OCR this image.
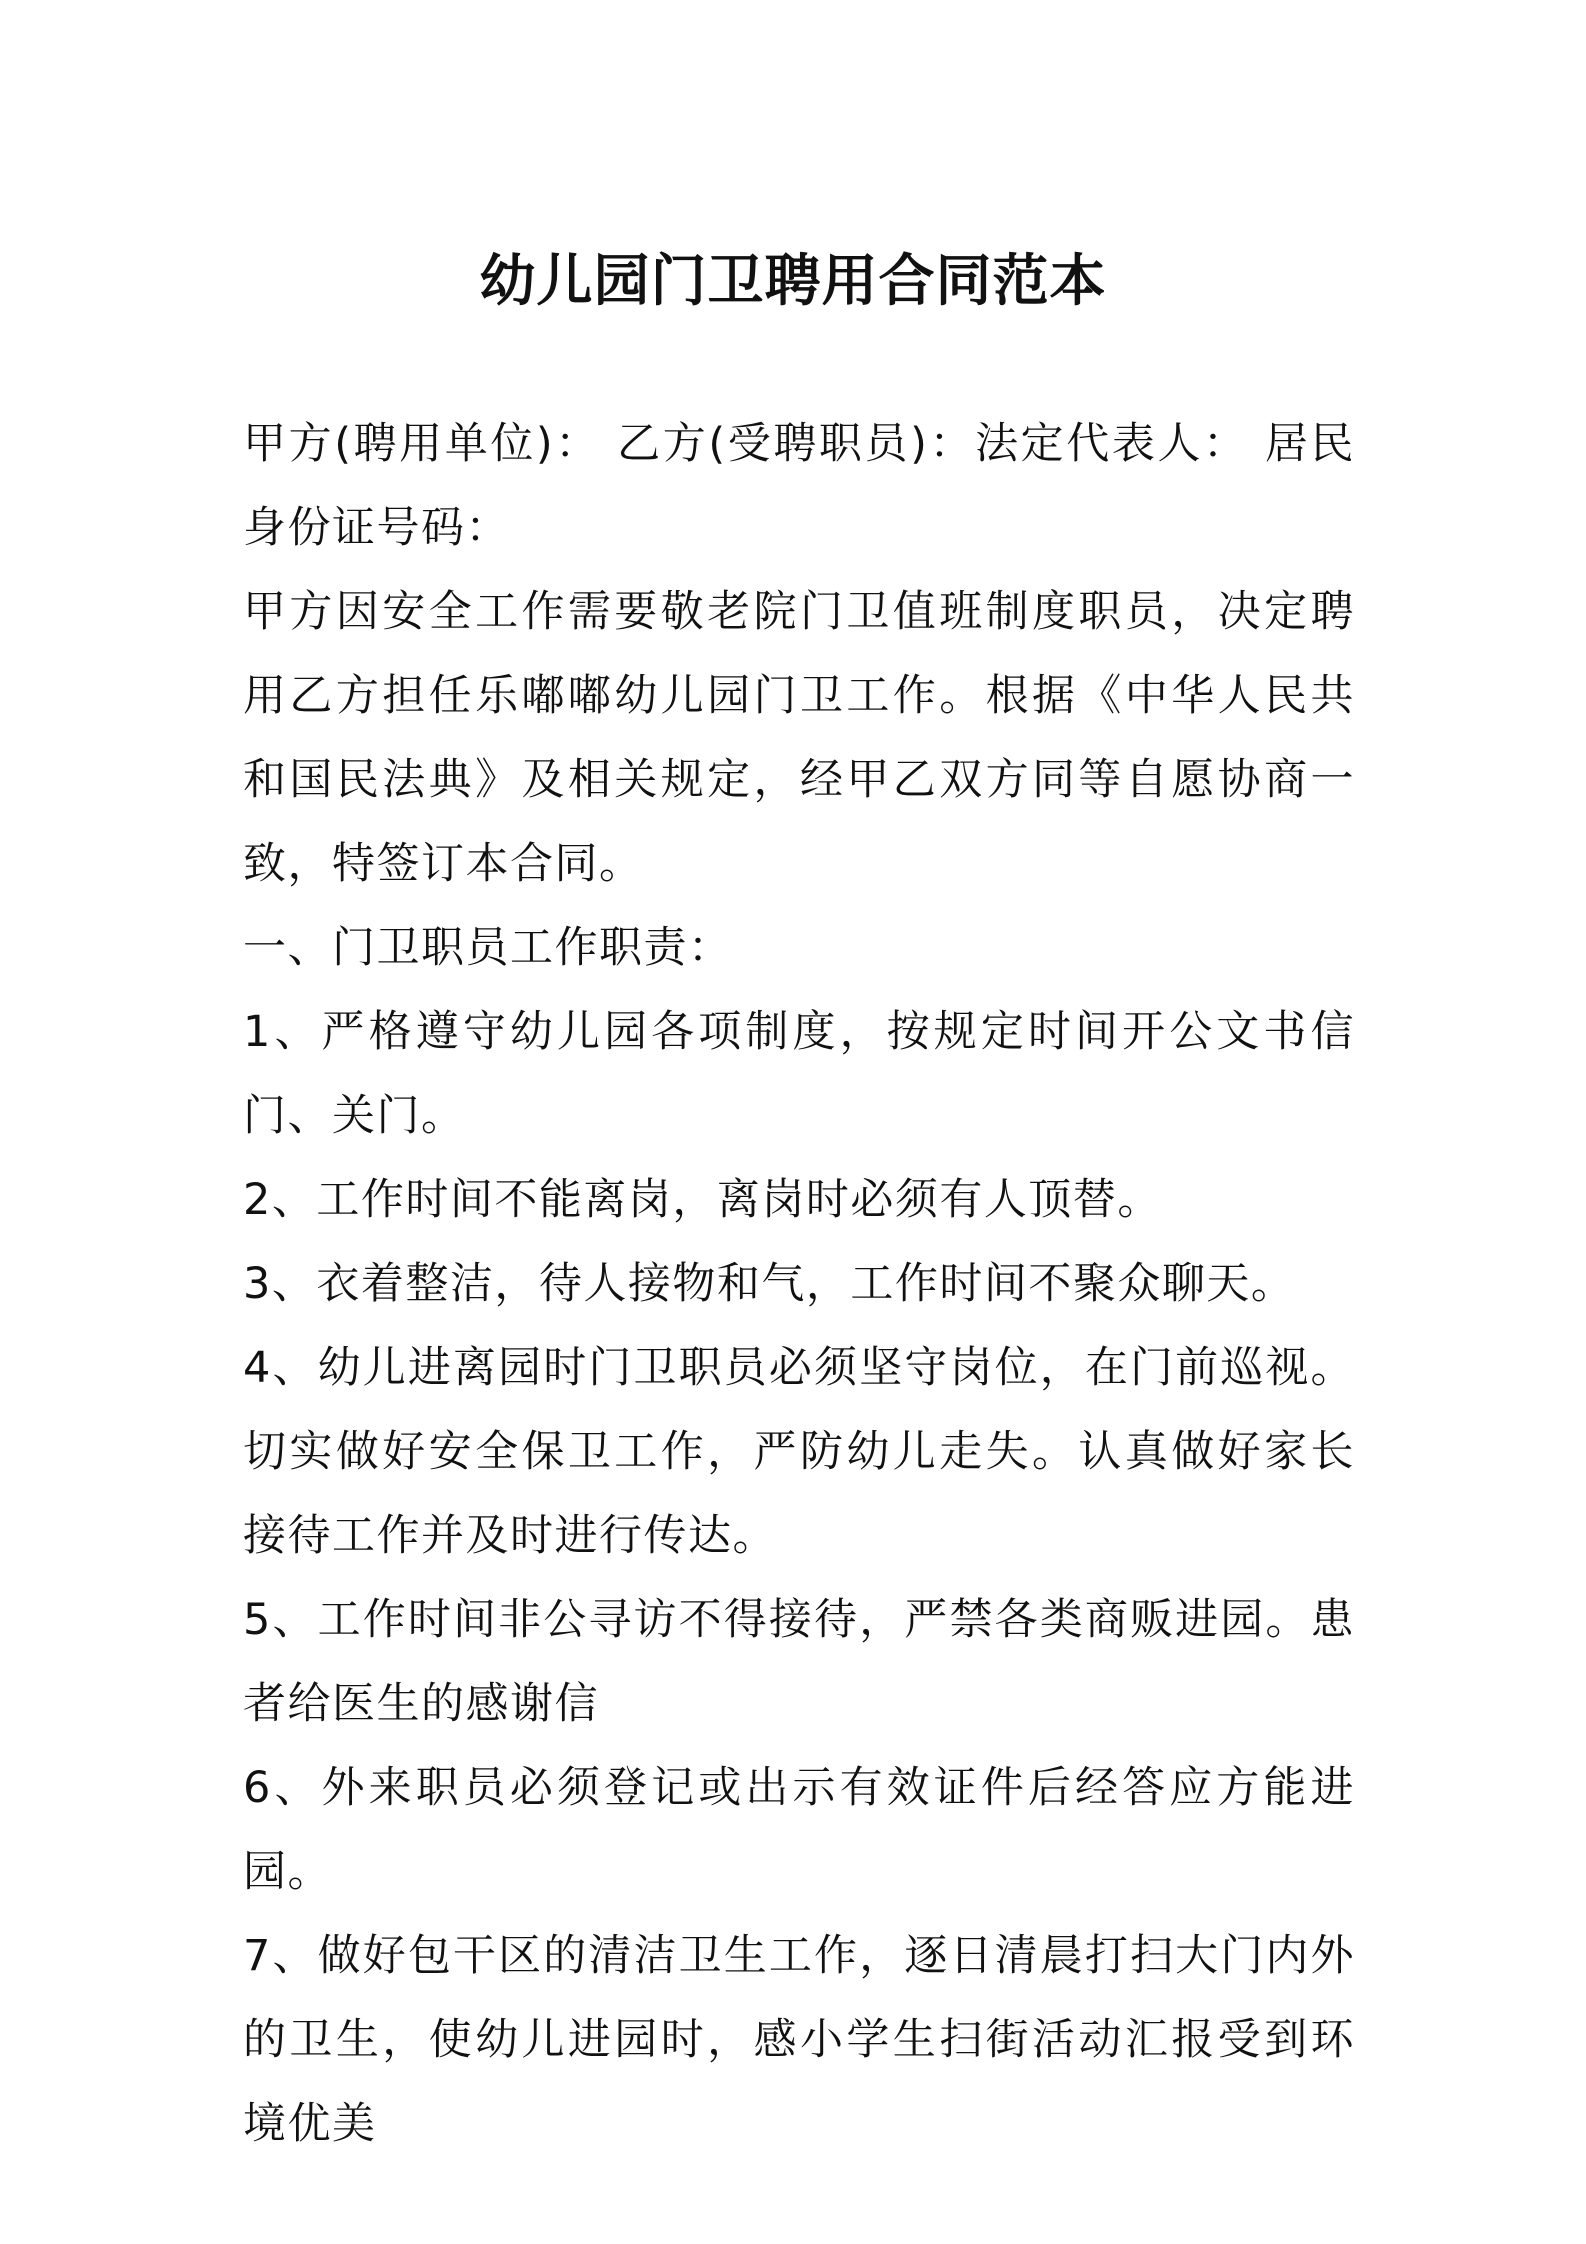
幼儿园门卫聘用合同范本

甲方(聘用单位)： 乙方(受聘职员)：法定代表人： 居民身份证号码：

甲方因安全工作需要敬老院门卫值班制度职员，决定聘用乙方担任乐嘟嘟幼儿园门卫工作。根据《中华人民共和国民法典》及相关规定，经甲乙双方同等自愿协商一致，特签订本合同。

一、门卫职员工作职责：

1、严格遵守幼儿园各项制度，按规定时间开公文书信门、关门。

2、工作时间不能离岗，离岗时必须有人顶替。

3、衣着整洁，待人接物和气，工作时间不聚众聊天。

4、幼儿进离园时门卫职员必须坚守岗位，在门前巡视。切实做好安全保卫工作，严防幼儿走失。认真做好家长接待工作并及时进行传达。

5、工作时间非公寻访不得接待，严禁各类商贩进园。患者给医生的感谢信

6、外来职员必须登记或出示有效证件后经答应方能进园。

7、做好包干区的清洁卫生工作，逐日清晨打扫大门内外的卫生，使幼儿进园时，感小学生扫街活动汇报受到环境优美
